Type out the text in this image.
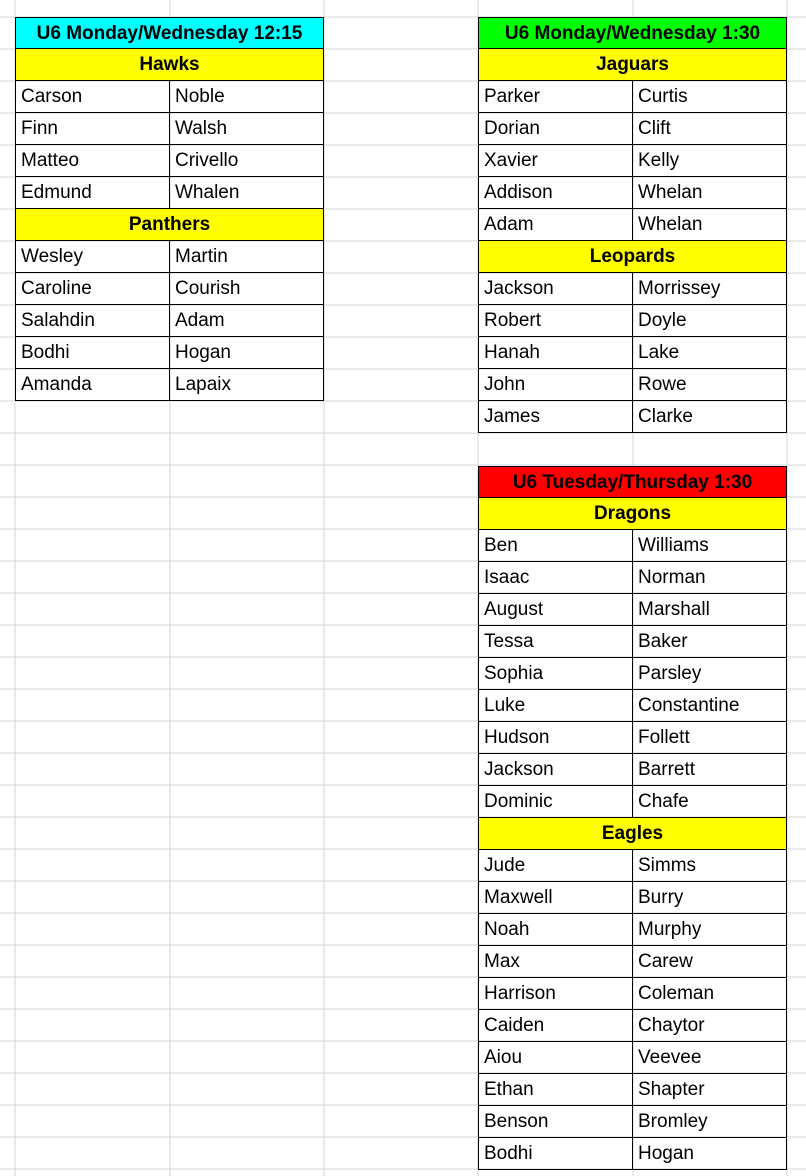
U6 Monday/Wednesday 12:15
Hawks
Carson	Noble
Finn	Walsh
Matteo	Crivello
Edmund	Whalen
Panthers
Wesley	Martin
Caroline	Courish
Salahdin	Adam
Bodhi	Hogan
Amanda	Lapaix
U6 Monday/Wednesday 1:30
Jaguars
Parker	Curtis
Dorian	Clift
Xavier	Kelly
Addison	Whelan
Adam	Whelan
Leopards
Jackson	Morrissey
Robert	Doyle
Hanah	Lake
John	Rowe
James	Clarke
U6 Tuesday/Thursday 1:30
Dragons
Ben	Williams
Isaac	Norman
August	Marshall
Tessa	Baker
Sophia	Parsley
Luke	Constantine
Hudson	Follett
Jackson	Barrett
Dominic	Chafe
Eagles
Jude	Simms
Maxwell	Burry
Noah	Murphy
Max	Carew
Harrison	Coleman
Caiden	Chaytor
Aiou	Veevee
Ethan	Shapter
Benson	Bromley
Bodhi	Hogan
